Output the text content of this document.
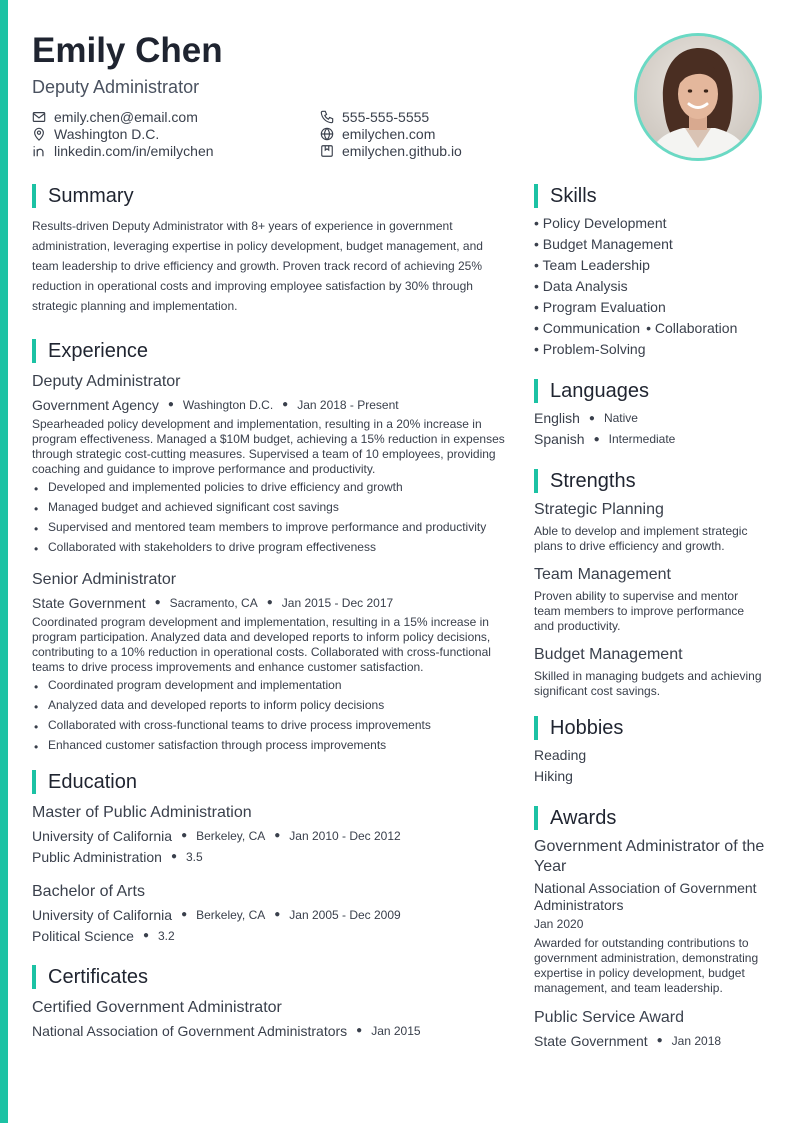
Emily Chen
Deputy Administrator
emily.chen@email.com	555-555-5555
Washington D.C.	emilychen.com
linkedin.com/in/emilychen	emilychen.github.io
Summary
Results-driven Deputy Administrator with 8+ years of experience in government administration, leveraging expertise in policy development, budget management, and team leadership to drive efficiency and growth. Proven track record of achieving 25% reduction in operational costs and improving employee satisfaction by 30% through strategic planning and implementation.
Experience
Deputy Administrator
Government Agency ● Washington D.C. ● Jan 2018 - Present
Spearheaded policy development and implementation, resulting in a 20% increase in program effectiveness. Managed a $10M budget, achieving a 15% reduction in expenses through strategic cost-cutting measures. Supervised a team of 10 employees, providing coaching and guidance to improve performance and productivity.
• Developed and implemented policies to drive efficiency and growth
• Managed budget and achieved significant cost savings
• Supervised and mentored team members to improve performance and productivity
• Collaborated with stakeholders to drive program effectiveness
Senior Administrator
State Government ● Sacramento, CA ● Jan 2015 - Dec 2017
Coordinated program development and implementation, resulting in a 15% increase in program participation. Analyzed data and developed reports to inform policy decisions, contributing to a 10% reduction in operational costs. Collaborated with cross-functional teams to drive process improvements and enhance customer satisfaction.
• Coordinated program development and implementation
• Analyzed data and developed reports to inform policy decisions
• Collaborated with cross-functional teams to drive process improvements
• Enhanced customer satisfaction through process improvements
Education
Master of Public Administration
University of California ● Berkeley, CA ● Jan 2010 - Dec 2012
Public Administration ● 3.5
Bachelor of Arts
University of California ● Berkeley, CA ● Jan 2005 - Dec 2009
Political Science ● 3.2
Certificates
Certified Government Administrator
National Association of Government Administrators ● Jan 2015
Skills
• Policy Development
• Budget Management
• Team Leadership
• Data Analysis
• Program Evaluation
• Communication • Collaboration
• Problem-Solving
Languages
English ● Native
Spanish ● Intermediate
Strengths
Strategic Planning
Able to develop and implement strategic plans to drive efficiency and growth.
Team Management
Proven ability to supervise and mentor team members to improve performance and productivity.
Budget Management
Skilled in managing budgets and achieving significant cost savings.
Hobbies
Reading
Hiking
Awards
Government Administrator of the Year
National Association of Government Administrators
Jan 2020
Awarded for outstanding contributions to government administration, demonstrating expertise in policy development, budget management, and team leadership.
Public Service Award
State Government ● Jan 2018
